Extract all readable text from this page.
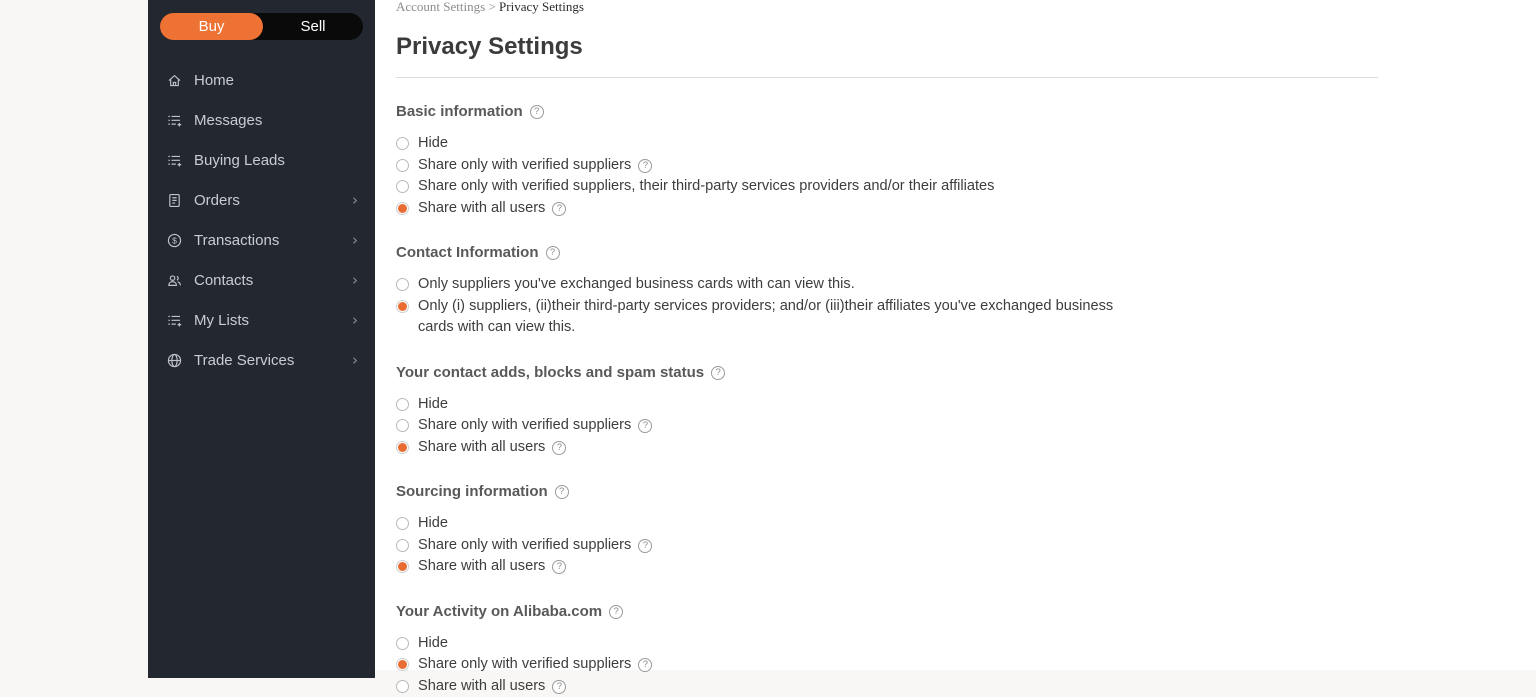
Buy	Sell
Home
Messages
Buying Leads
Orders	›
$ Transactions	›
Contacts	›
My Lists	›
Trade Services	›
Account Settings > Privacy Settings
Privacy Settings
Basic information	?
Hide
Share only with verified suppliers	?
Share only with verified suppliers, their third-party services providers and/or their affiliates
Share with all users	?
Contact Information	?
Only suppliers you've exchanged business cards with can view this.
Only (i) suppliers, (ii)their third-party services providers; and/or (iii)their affiliates you've exchanged business cards with can view this.
Your contact adds, blocks and spam status	?
Hide
Share only with verified suppliers	?
Share with all users	?
Sourcing information	?
Hide
Share only with verified suppliers	?
Share with all users	?
Your Activity on Alibaba.com	?
Hide
Share only with verified suppliers	?
Share with all users	?
